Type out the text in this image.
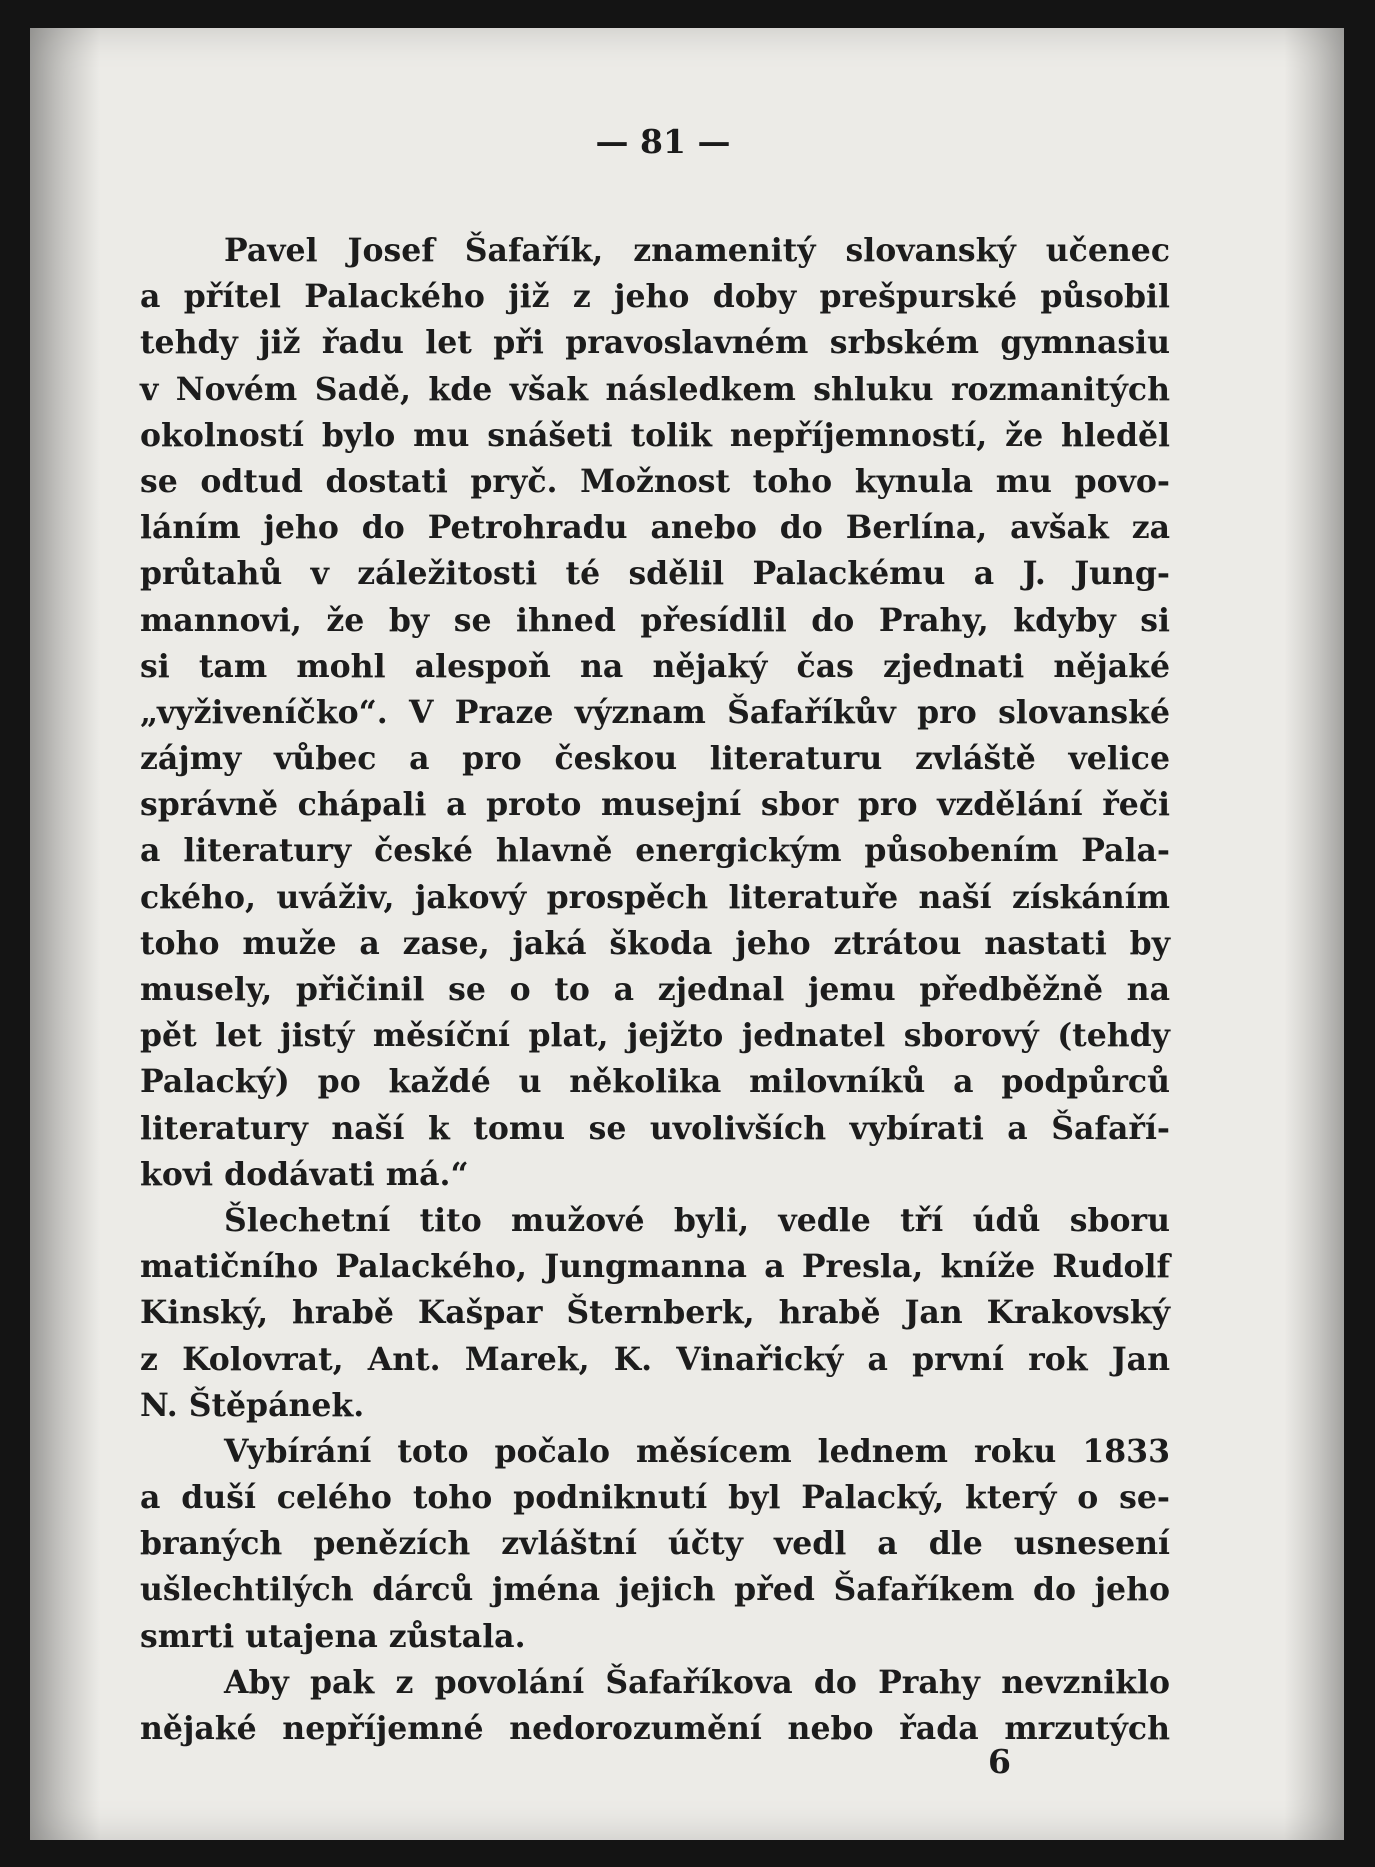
— 81 —
Pavel Josef Šafařík, znamenitý slovanský učenec
a přítel Palackého již z jeho doby prešpurské působil
tehdy již řadu let při pravoslavném srbském gymnasiu
v Novém Sadě, kde však následkem shluku rozmanitých
okolností bylo mu snášeti tolik nepříjemností, že hleděl
se odtud dostati pryč. Možnost toho kynula mu povo-
láním jeho do Petrohradu anebo do Berlína, avšak za
průtahů v záležitosti té sdělil Palackému a J. Jung-
mannovi, že by se ihned přesídlil do Prahy, kdyby si
si tam mohl alespoň na nějaký čas zjednati nějaké
„vyživeníčko“. V Praze význam Šafaříkův pro slovanské
zájmy vůbec a pro českou literaturu zvláště velice
správně chápali a proto musejní sbor pro vzdělání řeči
a literatury české hlavně energickým působením Pala-
ckého, uváživ, jakový prospěch literatuře naší získáním
toho muže a zase, jaká škoda jeho ztrátou nastati by
musely, přičinil se o to a zjednal jemu předběžně na
pět let jistý měsíční plat, jejžto jednatel sborový (tehdy
Palacký) po každé u několika milovníků a podpůrců
literatury naší k tomu se uvolivších vybírati a Šafaří-
kovi dodávati má.“
Šlechetní tito mužové byli, vedle tří údů sboru
matičního Palackého, Jungmanna a Presla, kníže Rudolf
Kinský, hrabě Kašpar Šternberk, hrabě Jan Krakovský
z Kolovrat, Ant. Marek, K. Vinařický a první rok Jan
N. Štěpánek.
Vybírání toto počalo měsícem lednem roku 1833
a duší celého toho podniknutí byl Palacký, který o se-
braných penězích zvláštní účty vedl a dle usnesení
ušlechtilých dárců jména jejich před Šafaříkem do jeho
smrti utajena zůstala.
Aby pak z povolání Šafaříkova do Prahy nevzniklo
nějaké nepříjemné nedorozumění nebo řada mrzutých
6
